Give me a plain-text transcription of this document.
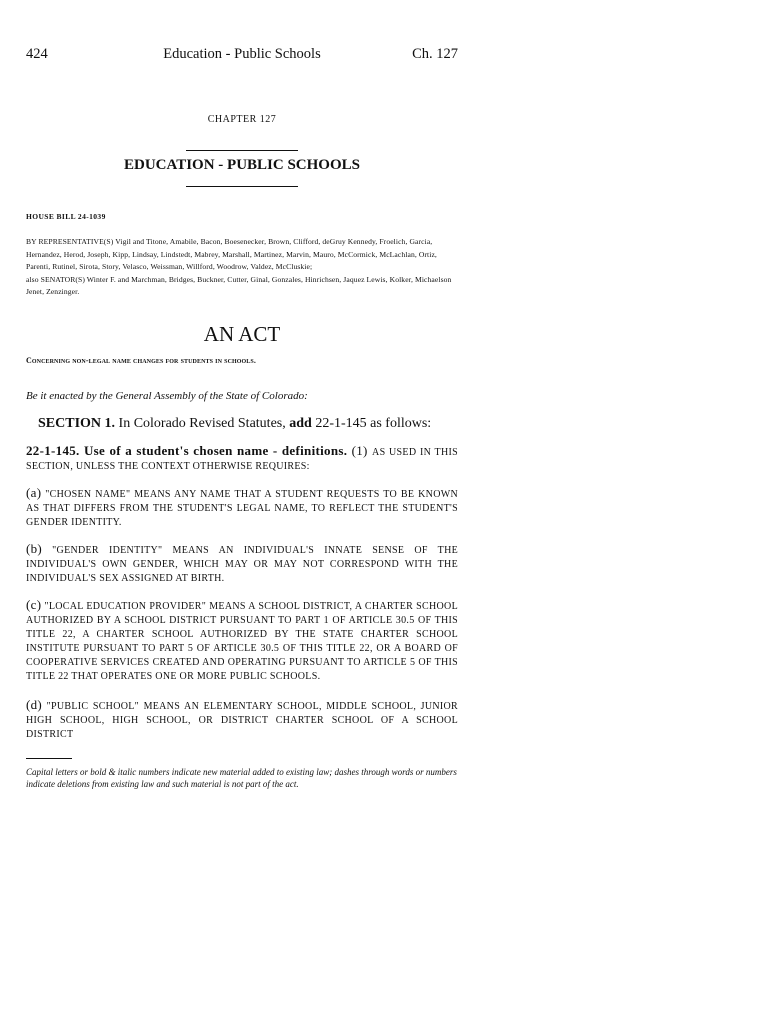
424	Education - Public Schools	Ch. 127
CHAPTER 127
EDUCATION - PUBLIC SCHOOLS
HOUSE BILL 24-1039

BY REPRESENTATIVE(S) Vigil and Titone, Amabile, Bacon, Boesenecker, Brown, Clifford, deGruy Kennedy, Froelich, Garcia, Hernandez, Herod, Joseph, Kipp, Lindsay, Lindstedt, Mabrey, Marshall, Martinez, Marvin, Mauro, McCormick, McLachlan, Ortiz, Parenti, Rutinel, Sirota, Story, Velasco, Weissman, Willford, Woodrow, Valdez, McCluskie;

also SENATOR(S) Winter F. and Marchman, Bridges, Buckner, Cutter, Ginal, Gonzales, Hinrichsen, Jaquez Lewis, Kolker, Michaelson Jenet, Zenzinger.

AN ACT
Concerning non-legal name changes for students in schools.
Be it enacted by the General Assembly of the State of Colorado:
SECTION 1. In Colorado Revised Statutes, add 22-1-145 as follows:
22-1-145. Use of a student's chosen name - definitions. (1) AS USED IN THIS SECTION, UNLESS THE CONTEXT OTHERWISE REQUIRES:
(a) "CHOSEN NAME" MEANS ANY NAME THAT A STUDENT REQUESTS TO BE KNOWN AS THAT DIFFERS FROM THE STUDENT'S LEGAL NAME, TO REFLECT THE STUDENT'S GENDER IDENTITY.
(b) "GENDER IDENTITY" MEANS AN INDIVIDUAL'S INNATE SENSE OF THE INDIVIDUAL'S OWN GENDER, WHICH MAY OR MAY NOT CORRESPOND WITH THE INDIVIDUAL'S SEX ASSIGNED AT BIRTH.
(c) "LOCAL EDUCATION PROVIDER" MEANS A SCHOOL DISTRICT, A CHARTER SCHOOL AUTHORIZED BY A SCHOOL DISTRICT PURSUANT TO PART 1 OF ARTICLE 30.5 OF THIS TITLE 22, A CHARTER SCHOOL AUTHORIZED BY THE STATE CHARTER SCHOOL INSTITUTE PURSUANT TO PART 5 OF ARTICLE 30.5 OF THIS TITLE 22, OR A BOARD OF COOPERATIVE SERVICES CREATED AND OPERATING PURSUANT TO ARTICLE 5 OF THIS TITLE 22 THAT OPERATES ONE OR MORE PUBLIC SCHOOLS.
(d) "PUBLIC SCHOOL" MEANS AN ELEMENTARY SCHOOL, MIDDLE SCHOOL, JUNIOR HIGH SCHOOL, HIGH SCHOOL, OR DISTRICT CHARTER SCHOOL OF A SCHOOL DISTRICT
Capital letters or bold & italic numbers indicate new material added to existing law; dashes through words or numbers indicate deletions from existing law and such material is not part of the act.
